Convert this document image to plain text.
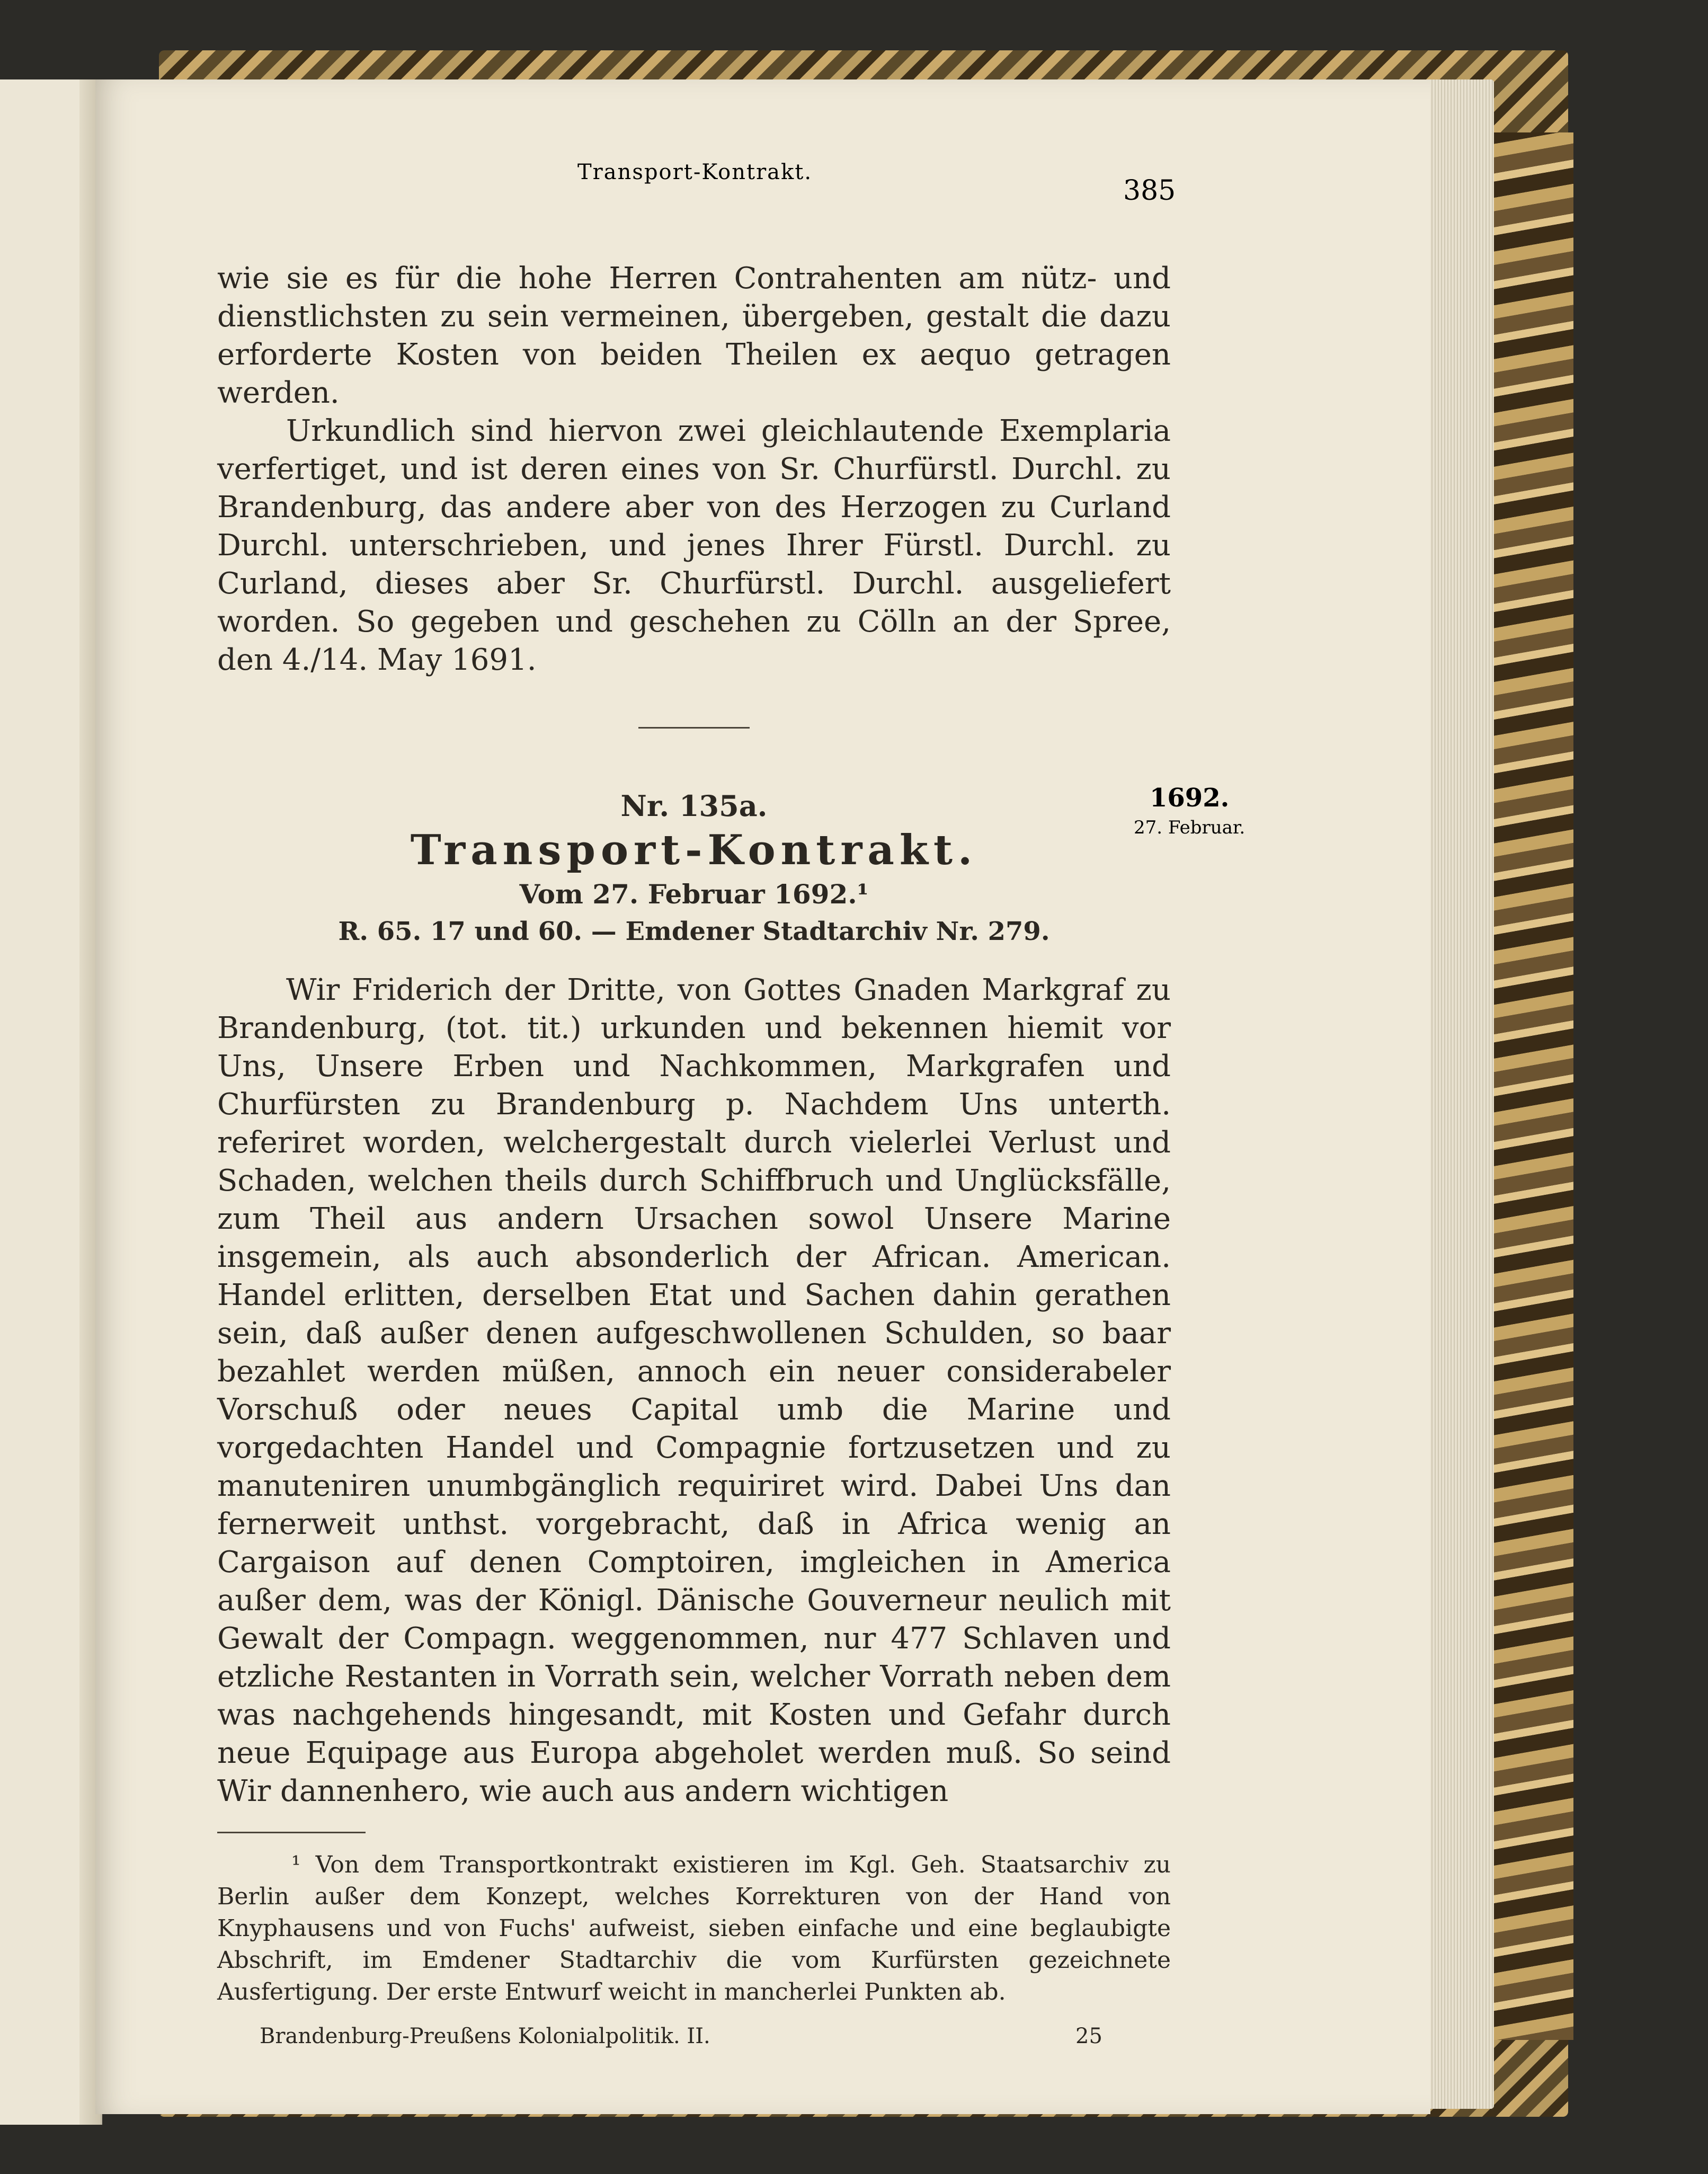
Transport-Kontrakt.
385
1692.
27. Februar.

wie sie es für die hohe Herren Contrahenten am nütz- und dienstlichsten zu sein vermeinen, übergeben, gestalt die dazu erforderte Kosten von beiden Theilen ex aequo getragen werden.

Urkundlich sind hiervon zwei gleichlautende Exemplaria verfertiget, und ist deren eines von Sr. Churfürstl. Durchl. zu Brandenburg, das andere aber von des Herzogen zu Curland Durchl. unterschrieben, und jenes Ihrer Fürstl. Durchl. zu Curland, dieses aber Sr. Churfürstl. Durchl. ausgeliefert worden. So gegeben und geschehen zu Cölln an der Spree, den 4./14. May 1691.

Nr. 135a.

Transport-Kontrakt.

Vom 27. Februar 1692.¹

R. 65. 17 und 60. — Emdener Stadtarchiv Nr. 279.

Wir Friderich der Dritte, von Gottes Gnaden Markgraf zu Brandenburg, (tot. tit.) urkunden und bekennen hiemit vor Uns, Unsere Erben und Nachkommen, Markgrafen und Churfürsten zu Brandenburg p. Nachdem Uns unterth. referiret worden, welchergestalt durch vielerlei Verlust und Schaden, welchen theils durch Schiffbruch und Unglücksfälle, zum Theil aus andern Ursachen sowol Unsere Marine insgemein, als auch absonderlich der African. American. Handel erlitten, derselben Etat und Sachen dahin gerathen sein, daß außer denen aufgeschwollenen Schulden, so baar bezahlet werden müßen, annoch ein neuer considerabeler Vorschuß oder neues Capital umb die Marine und vorgedachten Handel und Compagnie fortzusetzen und zu manuteniren unumbgänglich requiriret wird. Dabei Uns dan fernerweit unthst. vorgebracht, daß in Africa wenig an Cargaison auf denen Comptoiren, imgleichen in America außer dem, was der Königl. Dänische Gouverneur neulich mit Gewalt der Compagn. weggenommen, nur 477 Schlaven und etzliche Restanten in Vorrath sein, welcher Vorrath neben dem was nachgehends hingesandt, mit Kosten und Gefahr durch neue Equipage aus Europa abgeholet werden muß. So seind Wir dannenhero, wie auch aus andern wichtigen

¹ Von dem Transportkontrakt existieren im Kgl. Geh. Staatsarchiv zu Berlin außer dem Konzept, welches Korrekturen von der Hand von Knyphausens und von Fuchs' aufweist, sieben einfache und eine beglaubigte Abschrift, im Emdener Stadtarchiv die vom Kurfürsten gezeichnete Ausfertigung. Der erste Entwurf weicht in mancherlei Punkten ab.

Brandenburg-Preußens Kolonialpolitik. II.	25
